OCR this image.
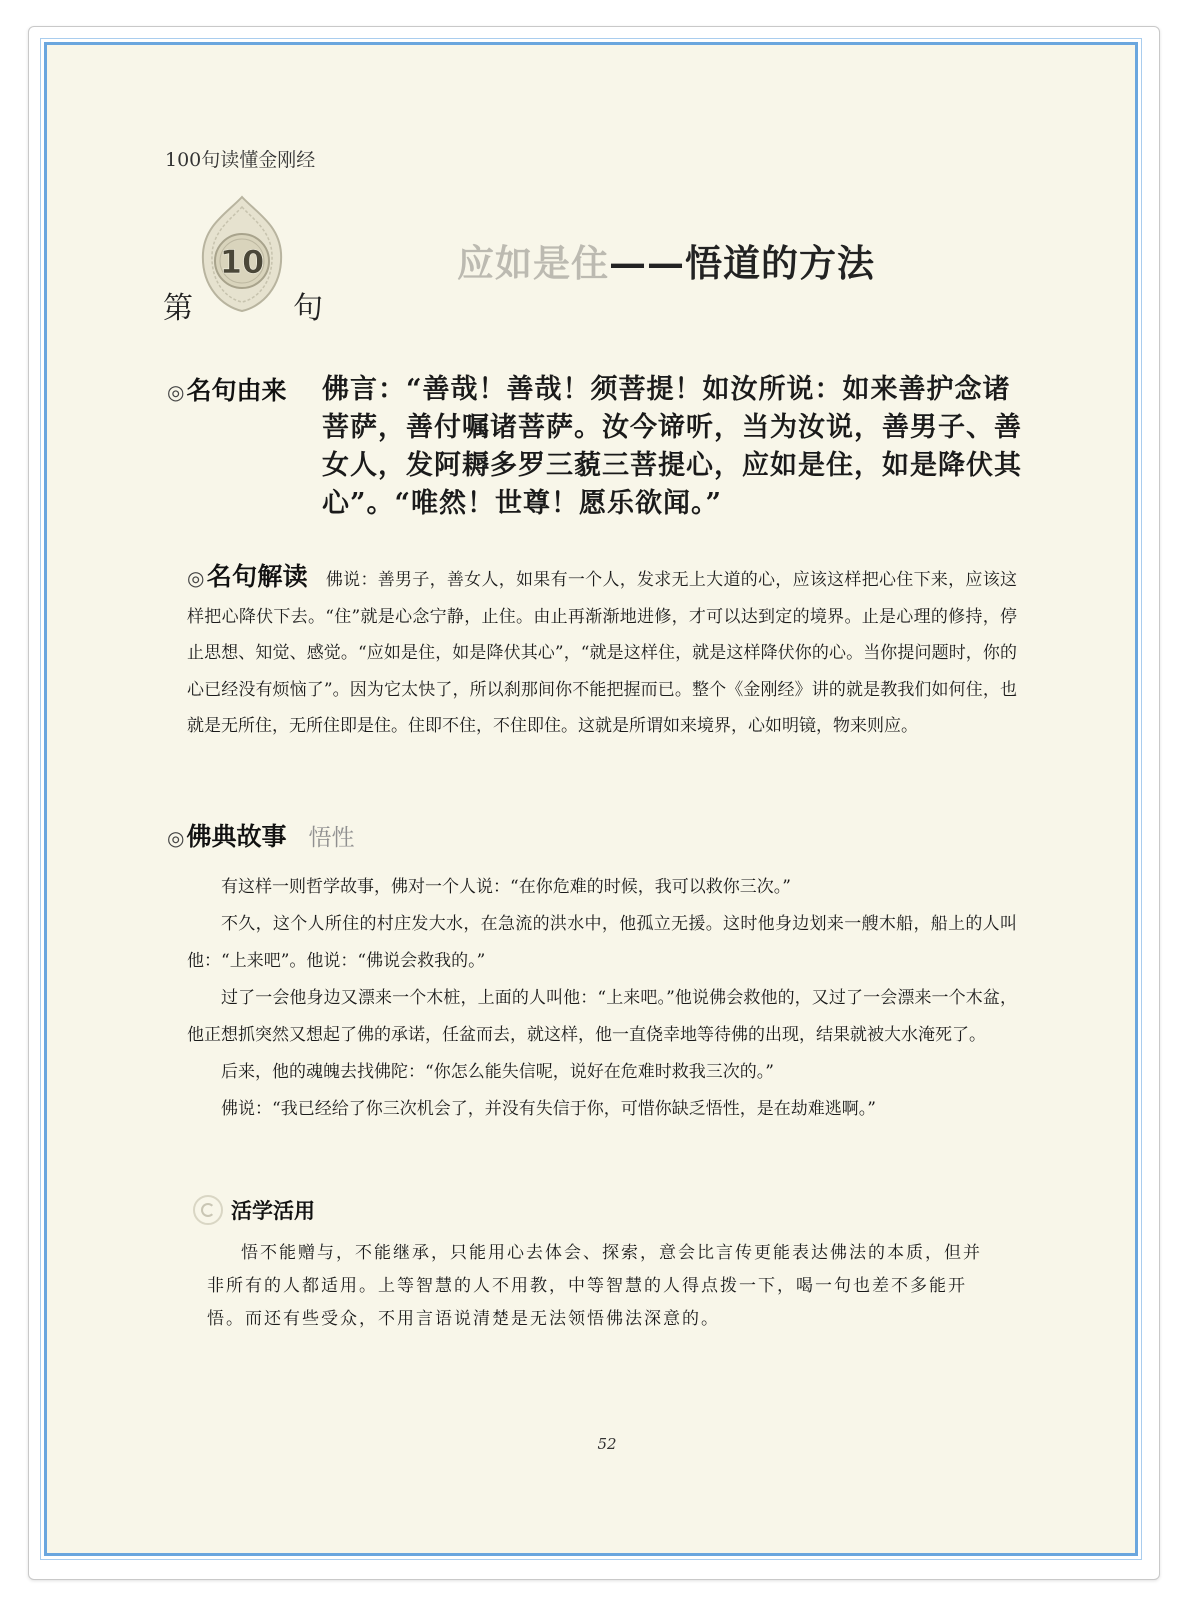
100句读懂金刚经
10
第	句
应如是住——悟道的方法
◎名句由来 佛言：“善哉！善哉！须菩提！如汝所说：如来善护念诸菩萨，善付嘱诸菩萨。汝今谛听，当为汝说，善男子、善女人，发阿耨多罗三藐三菩提心，应如是住，如是降伏其心”。“唯然！世尊！愿乐欲闻。”
◎名句解读 佛说：善男子，善女人，如果有一个人，发求无上大道的心，应该这样把心住下来，应该这样把心降伏下去。“住”就是心念宁静，止住。由止再渐渐地进修，才可以达到定的境界。止是心理的修持，停止思想、知觉、感觉。“应如是住，如是降伏其心”，“就是这样住，就是这样降伏你的心。当你提问题时，你的心已经没有烦恼了”。因为它太快了，所以刹那间你不能把握而已。整个《金刚经》讲的就是教我们如何住，也就是无所住，无所住即是住。住即不住，不住即住。这就是所谓如来境界，心如明镜，物来则应。
◎佛典故事 悟性

有这样一则哲学故事，佛对一个人说：“在你危难的时候，我可以救你三次。”

不久，这个人所住的村庄发大水，在急流的洪水中，他孤立无援。这时他身边划来一艘木船，船上的人叫他：“上来吧”。他说：“佛说会救我的。”

过了一会他身边又漂来一个木桩，上面的人叫他：“上来吧。”他说佛会救他的，又过了一会漂来一个木盆，他正想抓突然又想起了佛的承诺，任盆而去，就这样，他一直侥幸地等待佛的出现，结果就被大水淹死了。

后来，他的魂魄去找佛陀：“你怎么能失信呢，说好在危难时救我三次的。”

佛说：“我已经给了你三次机会了，并没有失信于你，可惜你缺乏悟性，是在劫难逃啊。”

活学活用
悟不能赠与，不能继承，只能用心去体会、探索，意会比言传更能表达佛法的本质，但并非所有的人都适用。上等智慧的人不用教，中等智慧的人得点拨一下，喝一句也差不多能开悟。而还有些受众，不用言语说清楚是无法领悟佛法深意的。
52
